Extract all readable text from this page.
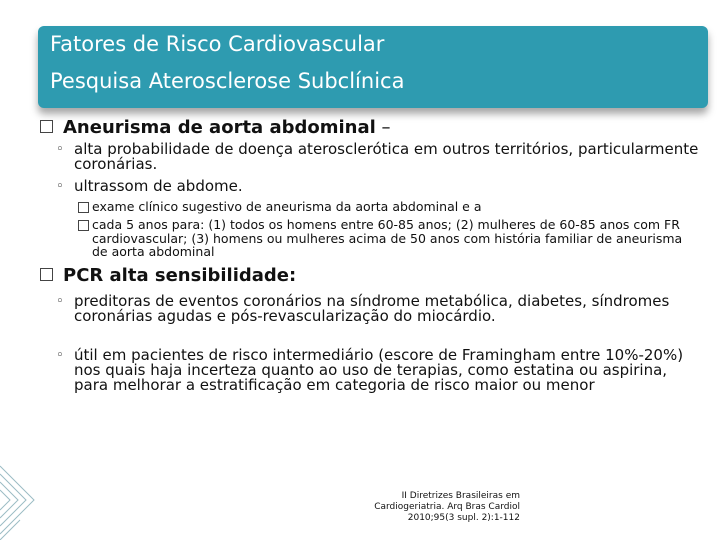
Fatores de Risco Cardiovascular
Pesquisa Aterosclerose Subclínica
Aneurisma de aorta abdominal –
◦ alta probabilidade de doença aterosclerótica em outros territórios, particularmente coronárias.
◦ ultrassom de abdome.
exame clínico sugestivo de aneurisma da aorta abdominal e a
cada 5 anos para: (1) todos os homens entre 60-85 anos; (2) mulheres de 60-85 anos com FR cardiovascular; (3) homens ou mulheres acima de 50 anos com história familiar de aneurisma de aorta abdominal
PCR alta sensibilidade:
◦ preditoras de eventos coronários na síndrome metabólica, diabetes, síndromes coronárias agudas e pós-revascularização do miocárdio.
◦ útil em pacientes de risco intermediário (escore de Framingham entre 10%-20%) nos quais haja incerteza quanto ao uso de terapias, como estatina ou aspirina, para melhorar a estratificação em categoria de risco maior ou menor
II Diretrizes Brasileiras em
Cardiogeriatria. Arq Bras Cardiol
2010;95(3 supl. 2):1-112
